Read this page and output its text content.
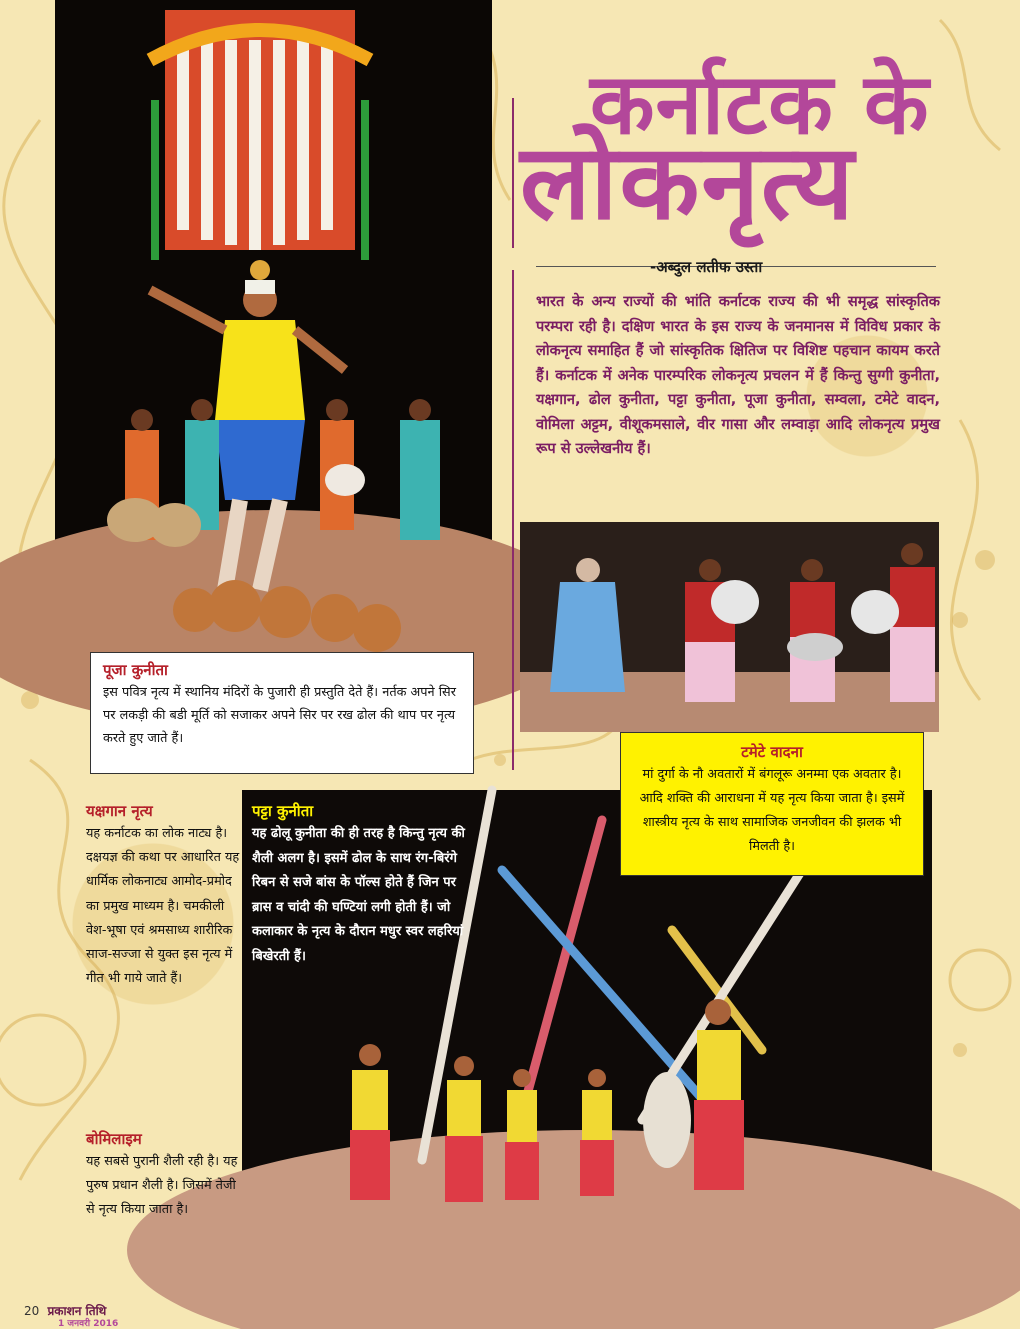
कर्नाटक के
लोकनृत्य
-अब्दुल लतीफ उस्ता
भारत के अन्य राज्यों की भांति कर्नाटक राज्य की भी समृद्ध सांस्कृतिक परम्परा रही है। दक्षिण भारत के इस राज्य के जनमानस में विविध प्रकार के लोकनृत्य समाहित हैं जो सांस्कृतिक क्षितिज पर विशिष्ट पहचान कायम करते हैं। कर्नाटक में अनेक पारम्परिक लोकनृत्य प्रचलन में हैं किन्तु सुग्गी कुनीता, यक्षगान, ढोल कुनीता, पट्टा कुनीता, पूजा कुनीता, सम्वला, टमेटे वादन, वोमिला अट्टम, वीशूकमसाले, वीर गासा और लम्वाड़ा आदि लोकनृत्य प्रमुख रूप से उल्लेखनीय हैं।
पूजा कुनीता
इस पवित्र नृत्य में स्थानिय मंदिरों के पुजारी ही प्रस्तुति देते हैं। नर्तक अपने सिर पर लकड़ी की बडी मूर्ति को सजाकर अपने सिर पर रख ढोल की थाप पर नृत्य करते हुए जाते हैं।
टमेटे वादना
मां दुर्गा के नौ अवतारों में बंगलूरू अनम्मा एक अवतार है। आदि शक्ति की आराधना में यह नृत्य किया जाता है। इसमें शास्त्रीय नृत्य के साथ सामाजिक जनजीवन की झलक भी मिलती है।
पट्टा कुनीता
यह ढोलू कुनीता की ही तरह है किन्तु नृत्य की शैली अलग है। इसमें ढोल के साथ रंग-बिरंगे रिबन से सजे बांस के पॉल्स होते हैं जिन पर ब्रास व चांदी की घण्टियां लगी होती हैं। जो कलाकार के नृत्य के दौरान मधुर स्वर लहरियां बिखेरती हैं।
यक्षगान नृत्य
यह कर्नाटक का लोक नाट्य है। दक्षयज्ञ की कथा पर आधारित यह धार्मिक लोकनाट्य आमोद-प्रमोद का प्रमुख माध्यम है। चमकीली वेश-भूषा एवं श्रमसाध्य शारीरिक साज-सज्जा से युक्त इस नृत्य में गीत भी गाये जाते हैं।
बोमिलाइम
यह सबसे पुरानी शैली रही है। यह पुरुष प्रधान शैली है। जिसमें तेजी से नृत्य किया जाता है।
20 प्रकाशन तिथि
1 जनवरी 2016
